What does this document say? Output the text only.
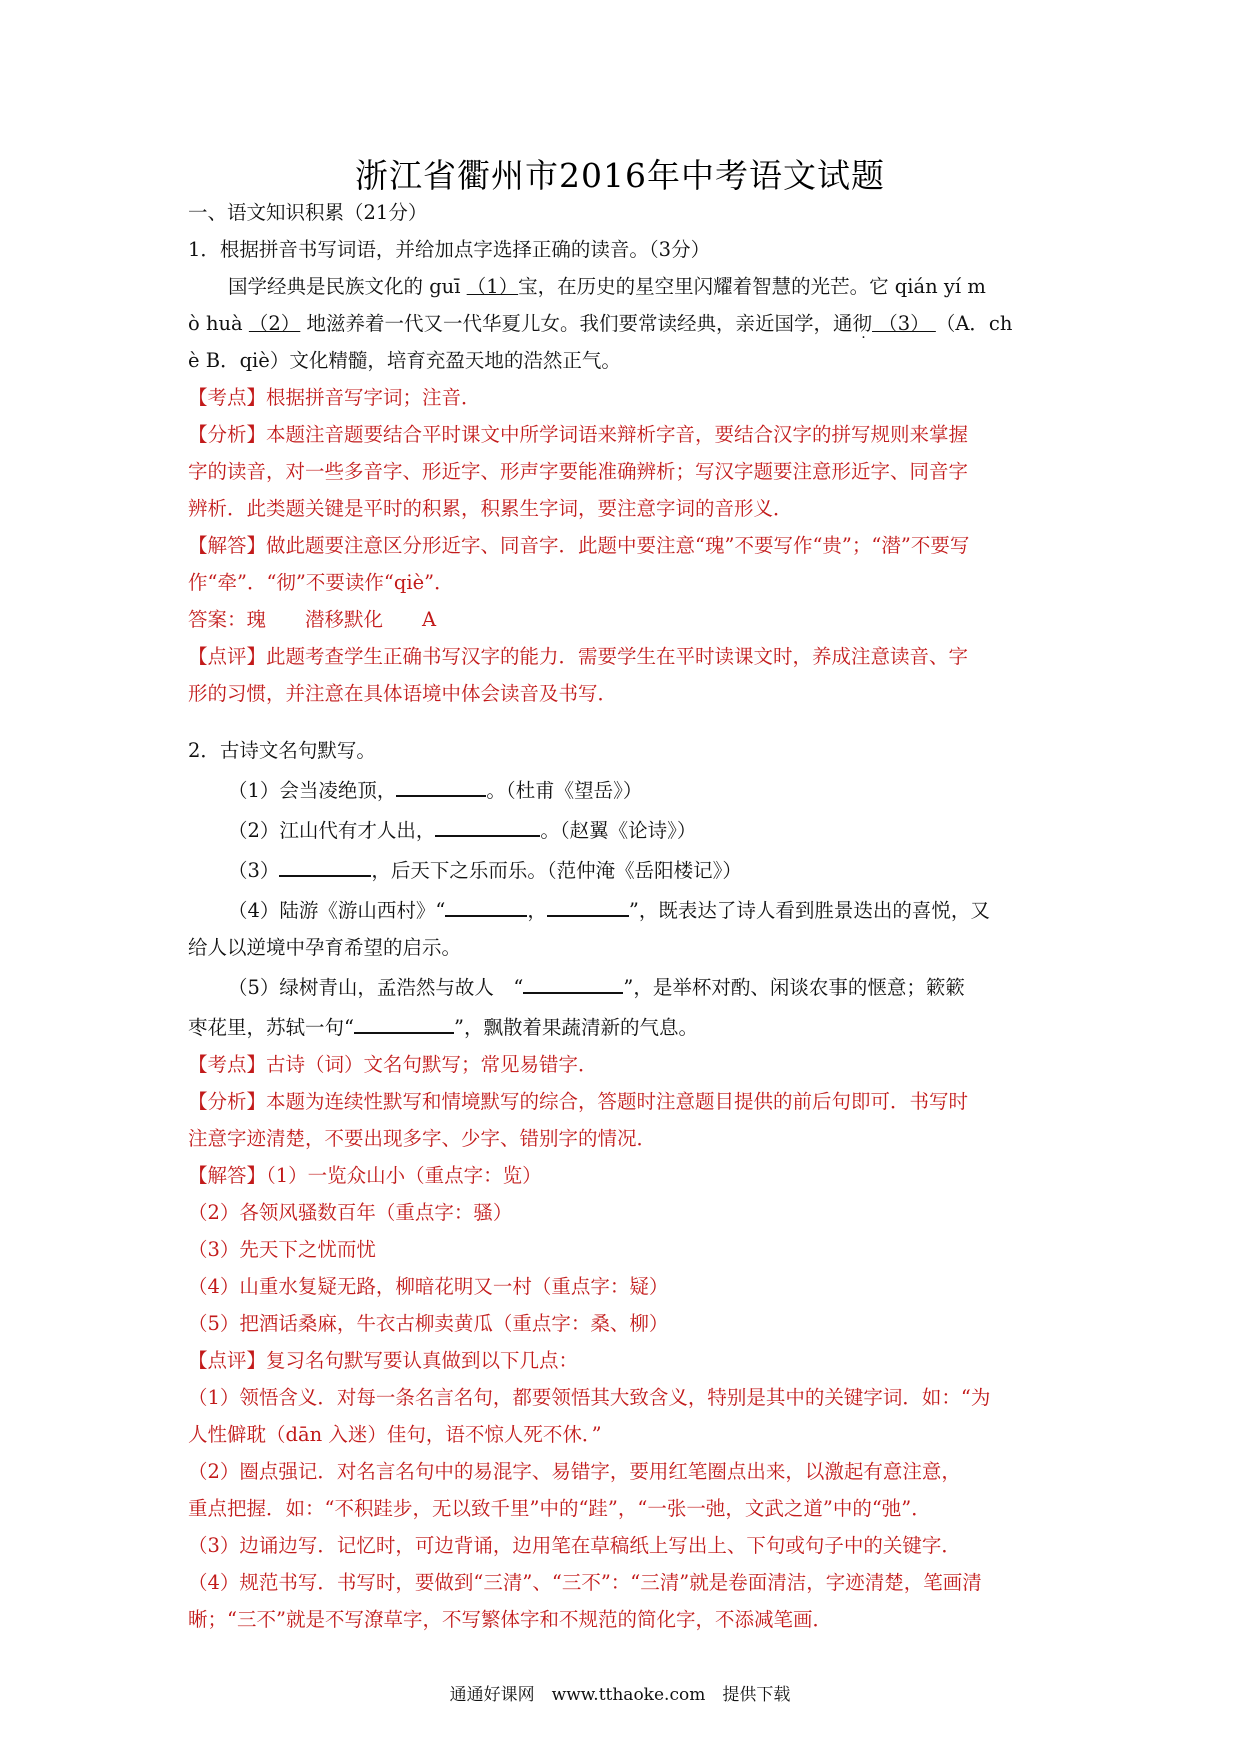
浙江省衢州市2016年中考语文试题
一、语文知识积累（21分）
1．根据拼音书写词语，并给加点字选择正确的读音。（3分）
国学经典是民族文化的 guī （1）宝，在历史的星空里闪耀着智慧的光芒。它 qián yí m
ò huà （2） 地滋养着一代又一代华夏儿女。我们要常读经典，亲近国学，通彻 （3） （A．ch
è B．qiè）文化精髓，培育充盈天地的浩然正气。
【考点】根据拼音写字词；注音．
【分析】本题注音题要结合平时课文中所学词语来辩析字音，要结合汉字的拼写规则来掌握
字的读音，对一些多音字、形近字、形声字要能准确辨析；写汉字题要注意形近字、同音字
辨析．此类题关键是平时的积累，积累生字词，要注意字词的音形义．
【解答】做此题要注意区分形近字、同音字．此题中要注意“瑰”不要写作“贵”；“潜”不要写
作“牵”．“彻”不要读作“qiè”．
答案：瑰　　潜移默化　　A
【点评】此题考查学生正确书写汉字的能力．需要学生在平时读课文时，养成注意读音、字
形的习惯，并注意在具体语境中体会读音及书写．
2．古诗文名句默写。
（1）会当凌绝顶，	。（杜甫《望岳》）
（2）江山代有才人出，	。（赵翼《论诗》）
（3）	，后天下之乐而乐。（范仲淹《岳阳楼记》）
（4）陆游《游山西村》“	，	”，既表达了诗人看到胜景迭出的喜悦，又
给人以逆境中孕育希望的启示。
（5）绿树青山，孟浩然与故人　“	”，是举杯对酌、闲谈农事的惬意；簌簌
枣花里，苏轼一句“	”，飘散着果蔬清新的气息。
【考点】古诗（词）文名句默写；常见易错字．
【分析】本题为连续性默写和情境默写的综合，答题时注意题目提供的前后句即可．书写时
注意字迹清楚，不要出现多字、少字、错别字的情况．
【解答】（1）一览众山小（重点字：览）
（2）各领风骚数百年（重点字：骚）
（3）先天下之忧而忧
（4）山重水复疑无路，柳暗花明又一村（重点字：疑）
（5）把酒话桑麻，牛衣古柳卖黄瓜（重点字：桑、柳）
【点评】复习名句默写要认真做到以下几点：
（1）领悟含义．对每一条名言名句，都要领悟其大致含义，特别是其中的关键字词．如：“为
人性僻耽（dān 入迷）佳句，语不惊人死不休．”
（2）圈点强记．对名言名句中的易混字、易错字，要用红笔圈点出来，以激起有意注意，
重点把握．如：“不积跬步，无以致千里”中的“跬”，“一张一弛，文武之道”中的“弛”．
（3）边诵边写．记忆时，可边背诵，边用笔在草稿纸上写出上、下句或句子中的关键字．
（4）规范书写．书写时，要做到“三清”、“三不”：“三清”就是卷面清洁，字迹清楚，笔画清
晰；“三不”就是不写潦草字，不写繁体字和不规范的简化字，不添减笔画．
通通好课网　www.tthaoke.com　提供下载
